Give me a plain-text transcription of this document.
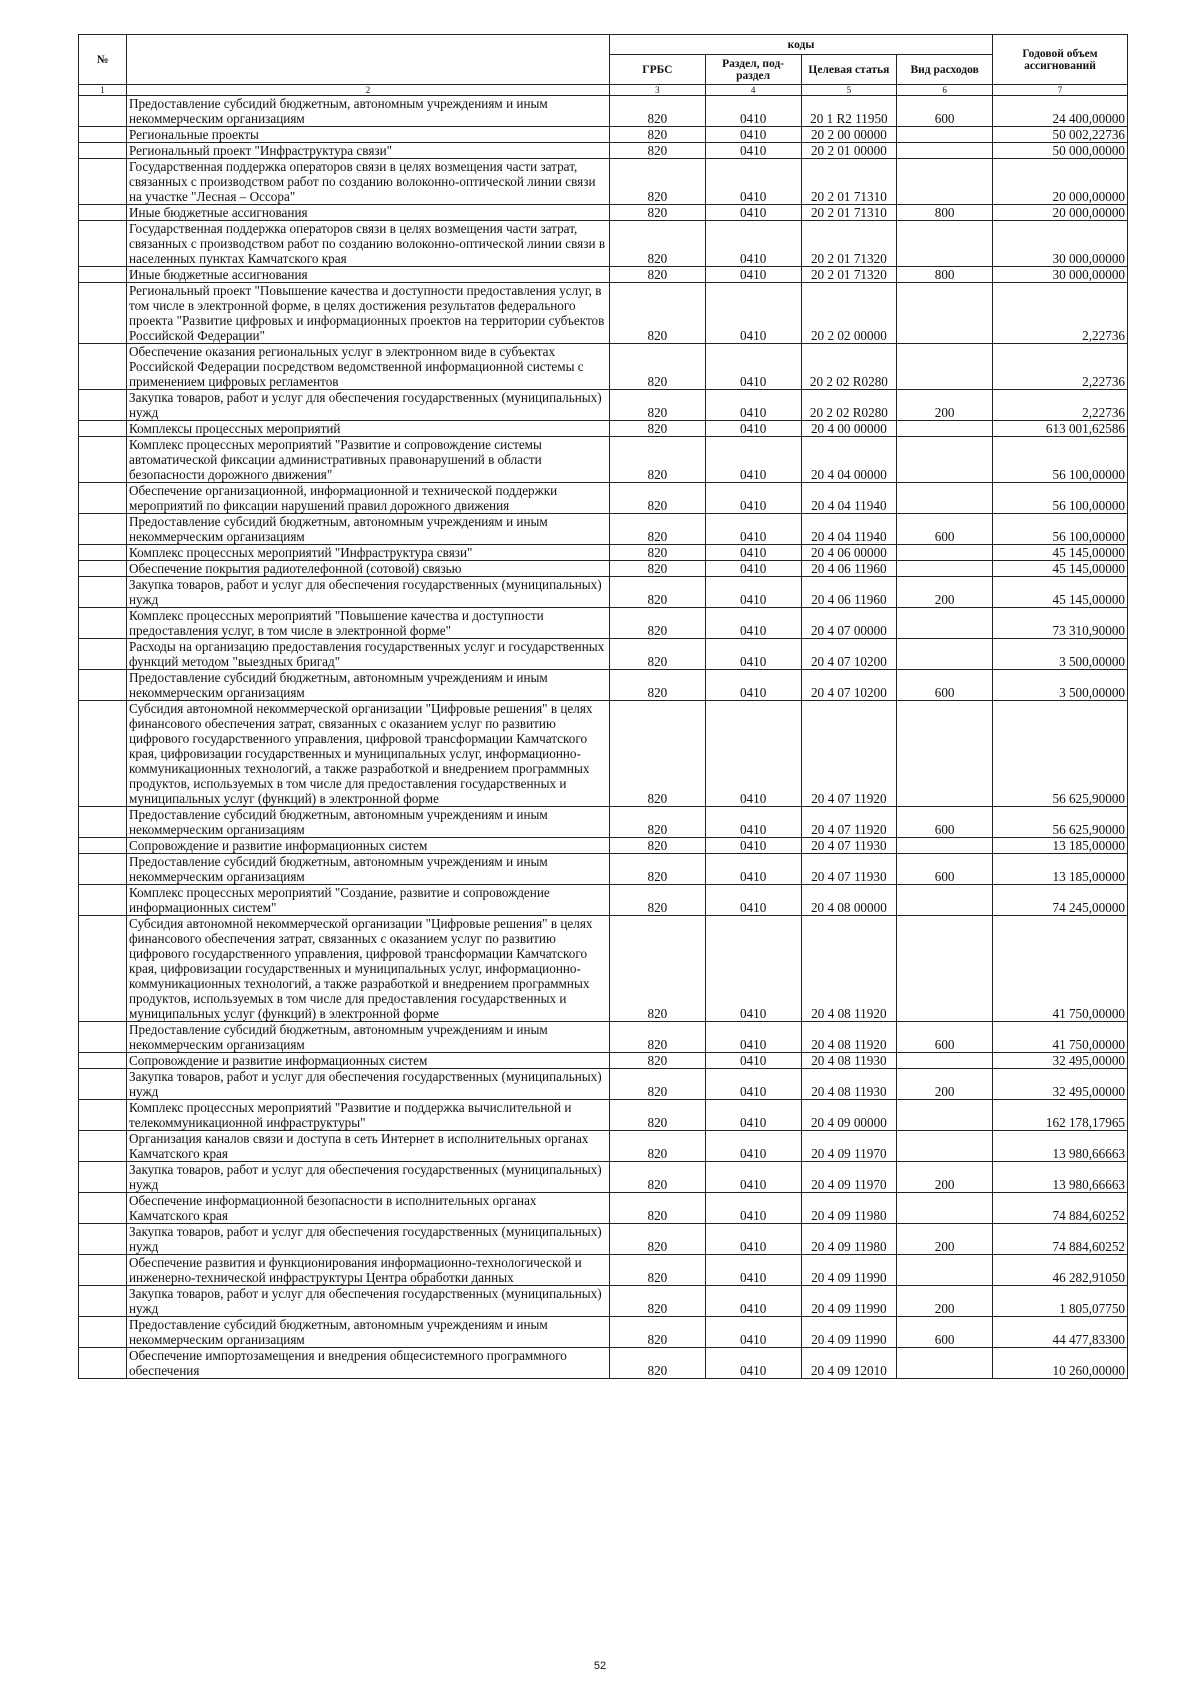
№		коды				Годовой объем ассигнований
		ГРБС	Раздел, под-раздел	Целевая статья	Вид расходов	
1	2	3	4	5	6	7
	Предоставление субсидий бюджетным, автономным учреждениям и иным некоммерческим организациям	820	0410	20 1 R2 11950	600	24 400,00000
	Региональные проекты	820	0410	20 2 00 00000		50 002,22736
	Региональный проект "Инфраструктура связи"	820	0410	20 2 01 00000		50 000,00000
	Государственная поддержка операторов связи в целях возмещения части затрат, связанных с производством работ по созданию волоконно-оптической линии связи на участке "Лесная – Оссора"	820	0410	20 2 01 71310		20 000,00000
	Иные бюджетные ассигнования	820	0410	20 2 01 71310	800	20 000,00000
	Государственная поддержка операторов связи в целях возмещения части затрат, связанных с производством работ по созданию волоконно-оптической линии связи в населенных пунктах Камчатского края	820	0410	20 2 01 71320		30 000,00000
	Иные бюджетные ассигнования	820	0410	20 2 01 71320	800	30 000,00000
	Региональный проект "Повышение качества и доступности предоставления услуг, в том числе в электронной форме, в целях достижения результатов федерального проекта "Развитие цифровых и информационных проектов на территории субъектов Российской Федерации"	820	0410	20 2 02 00000		2,22736
	Обеспечение оказания региональных услуг в электронном виде в субъектах Российской Федерации посредством ведомственной информационной системы с применением цифровых регламентов	820	0410	20 2 02 R0280		2,22736
	Закупка товаров, работ и услуг для обеспечения государственных (муниципальных) нужд	820	0410	20 2 02 R0280	200	2,22736
	Комплексы процессных мероприятий	820	0410	20 4 00 00000		613 001,62586
	Комплекс процессных мероприятий "Развитие и сопровождение системы автоматической фиксации административных правонарушений в области безопасности дорожного движения"	820	0410	20 4 04 00000		56 100,00000
	Обеспечение организационной, информационной и технической поддержки мероприятий по фиксации нарушений правил дорожного движения	820	0410	20 4 04 11940		56 100,00000
	Предоставление субсидий бюджетным, автономным учреждениям и иным некоммерческим организациям	820	0410	20 4 04 11940	600	56 100,00000
	Комплекс процессных мероприятий "Инфраструктура связи"	820	0410	20 4 06 00000		45 145,00000
	Обеспечение покрытия радиотелефонной (сотовой) связью	820	0410	20 4 06 11960		45 145,00000
	Закупка товаров, работ и услуг для обеспечения государственных (муниципальных) нужд	820	0410	20 4 06 11960	200	45 145,00000
	Комплекс процессных мероприятий "Повышение качества и доступности предоставления услуг, в том числе в электронной форме"	820	0410	20 4 07 00000		73 310,90000
	Расходы на организацию предоставления государственных услуг и государственных функций методом "выездных бригад"	820	0410	20 4 07 10200		3 500,00000
	Предоставление субсидий бюджетным, автономным учреждениям и иным некоммерческим организациям	820	0410	20 4 07 10200	600	3 500,00000
	Субсидия автономной некоммерческой организации "Цифровые решения" в целях финансового обеспечения затрат, связанных с оказанием услуг по развитию цифрового государственного управления, цифровой трансформации Камчатского края, цифровизации государственных и муниципальных услуг, информационно-коммуникационных технологий, а также разработкой и внедрением программных продуктов, используемых в том числе для предоставления государственных и муниципальных услуг (функций) в электронной форме	820	0410	20 4 07 11920		56 625,90000
	Предоставление субсидий бюджетным, автономным учреждениям и иным некоммерческим организациям	820	0410	20 4 07 11920	600	56 625,90000
	Сопровождение и развитие информационных систем	820	0410	20 4 07 11930		13 185,00000
	Предоставление субсидий бюджетным, автономным учреждениям и иным некоммерческим организациям	820	0410	20 4 07 11930	600	13 185,00000
	Комплекс процессных мероприятий "Создание, развитие и сопровождение информационных систем"	820	0410	20 4 08 00000		74 245,00000
	Субсидия автономной некоммерческой организации "Цифровые решения" в целях финансового обеспечения затрат, связанных с оказанием услуг по развитию цифрового государственного управления, цифровой трансформации Камчатского края, цифровизации государственных и муниципальных услуг, информационно-коммуникационных технологий, а также разработкой и внедрением программных продуктов, используемых в том числе для предоставления государственных и муниципальных услуг (функций) в электронной форме	820	0410	20 4 08 11920		41 750,00000
	Предоставление субсидий бюджетным, автономным учреждениям и иным некоммерческим организациям	820	0410	20 4 08 11920	600	41 750,00000
	Сопровождение и развитие информационных систем	820	0410	20 4 08 11930		32 495,00000
	Закупка товаров, работ и услуг для обеспечения государственных (муниципальных) нужд	820	0410	20 4 08 11930	200	32 495,00000
	Комплекс процессных мероприятий "Развитие и поддержка вычислительной и телекоммуникационной инфраструктуры"	820	0410	20 4 09 00000		162 178,17965
	Организация каналов связи и доступа в сеть Интернет в исполнительных органах Камчатского края	820	0410	20 4 09 11970		13 980,66663
	Закупка товаров, работ и услуг для обеспечения государственных (муниципальных) нужд	820	0410	20 4 09 11970	200	13 980,66663
	Обеспечение информационной безопасности в исполнительных органах Камчатского края	820	0410	20 4 09 11980		74 884,60252
	Закупка товаров, работ и услуг для обеспечения государственных (муниципальных) нужд	820	0410	20 4 09 11980	200	74 884,60252
	Обеспечение развития и функционирования информационно-технологической и инженерно-технической инфраструктуры Центра обработки данных	820	0410	20 4 09 11990		46 282,91050
	Закупка товаров, работ и услуг для обеспечения государственных (муниципальных) нужд	820	0410	20 4 09 11990	200	1 805,07750
	Предоставление субсидий бюджетным, автономным учреждениям и иным некоммерческим организациям	820	0410	20 4 09 11990	600	44 477,83300
	Обеспечение импортозамещения и внедрения общесистемного программного обеспечения	820	0410	20 4 09 12010		10 260,00000
52
